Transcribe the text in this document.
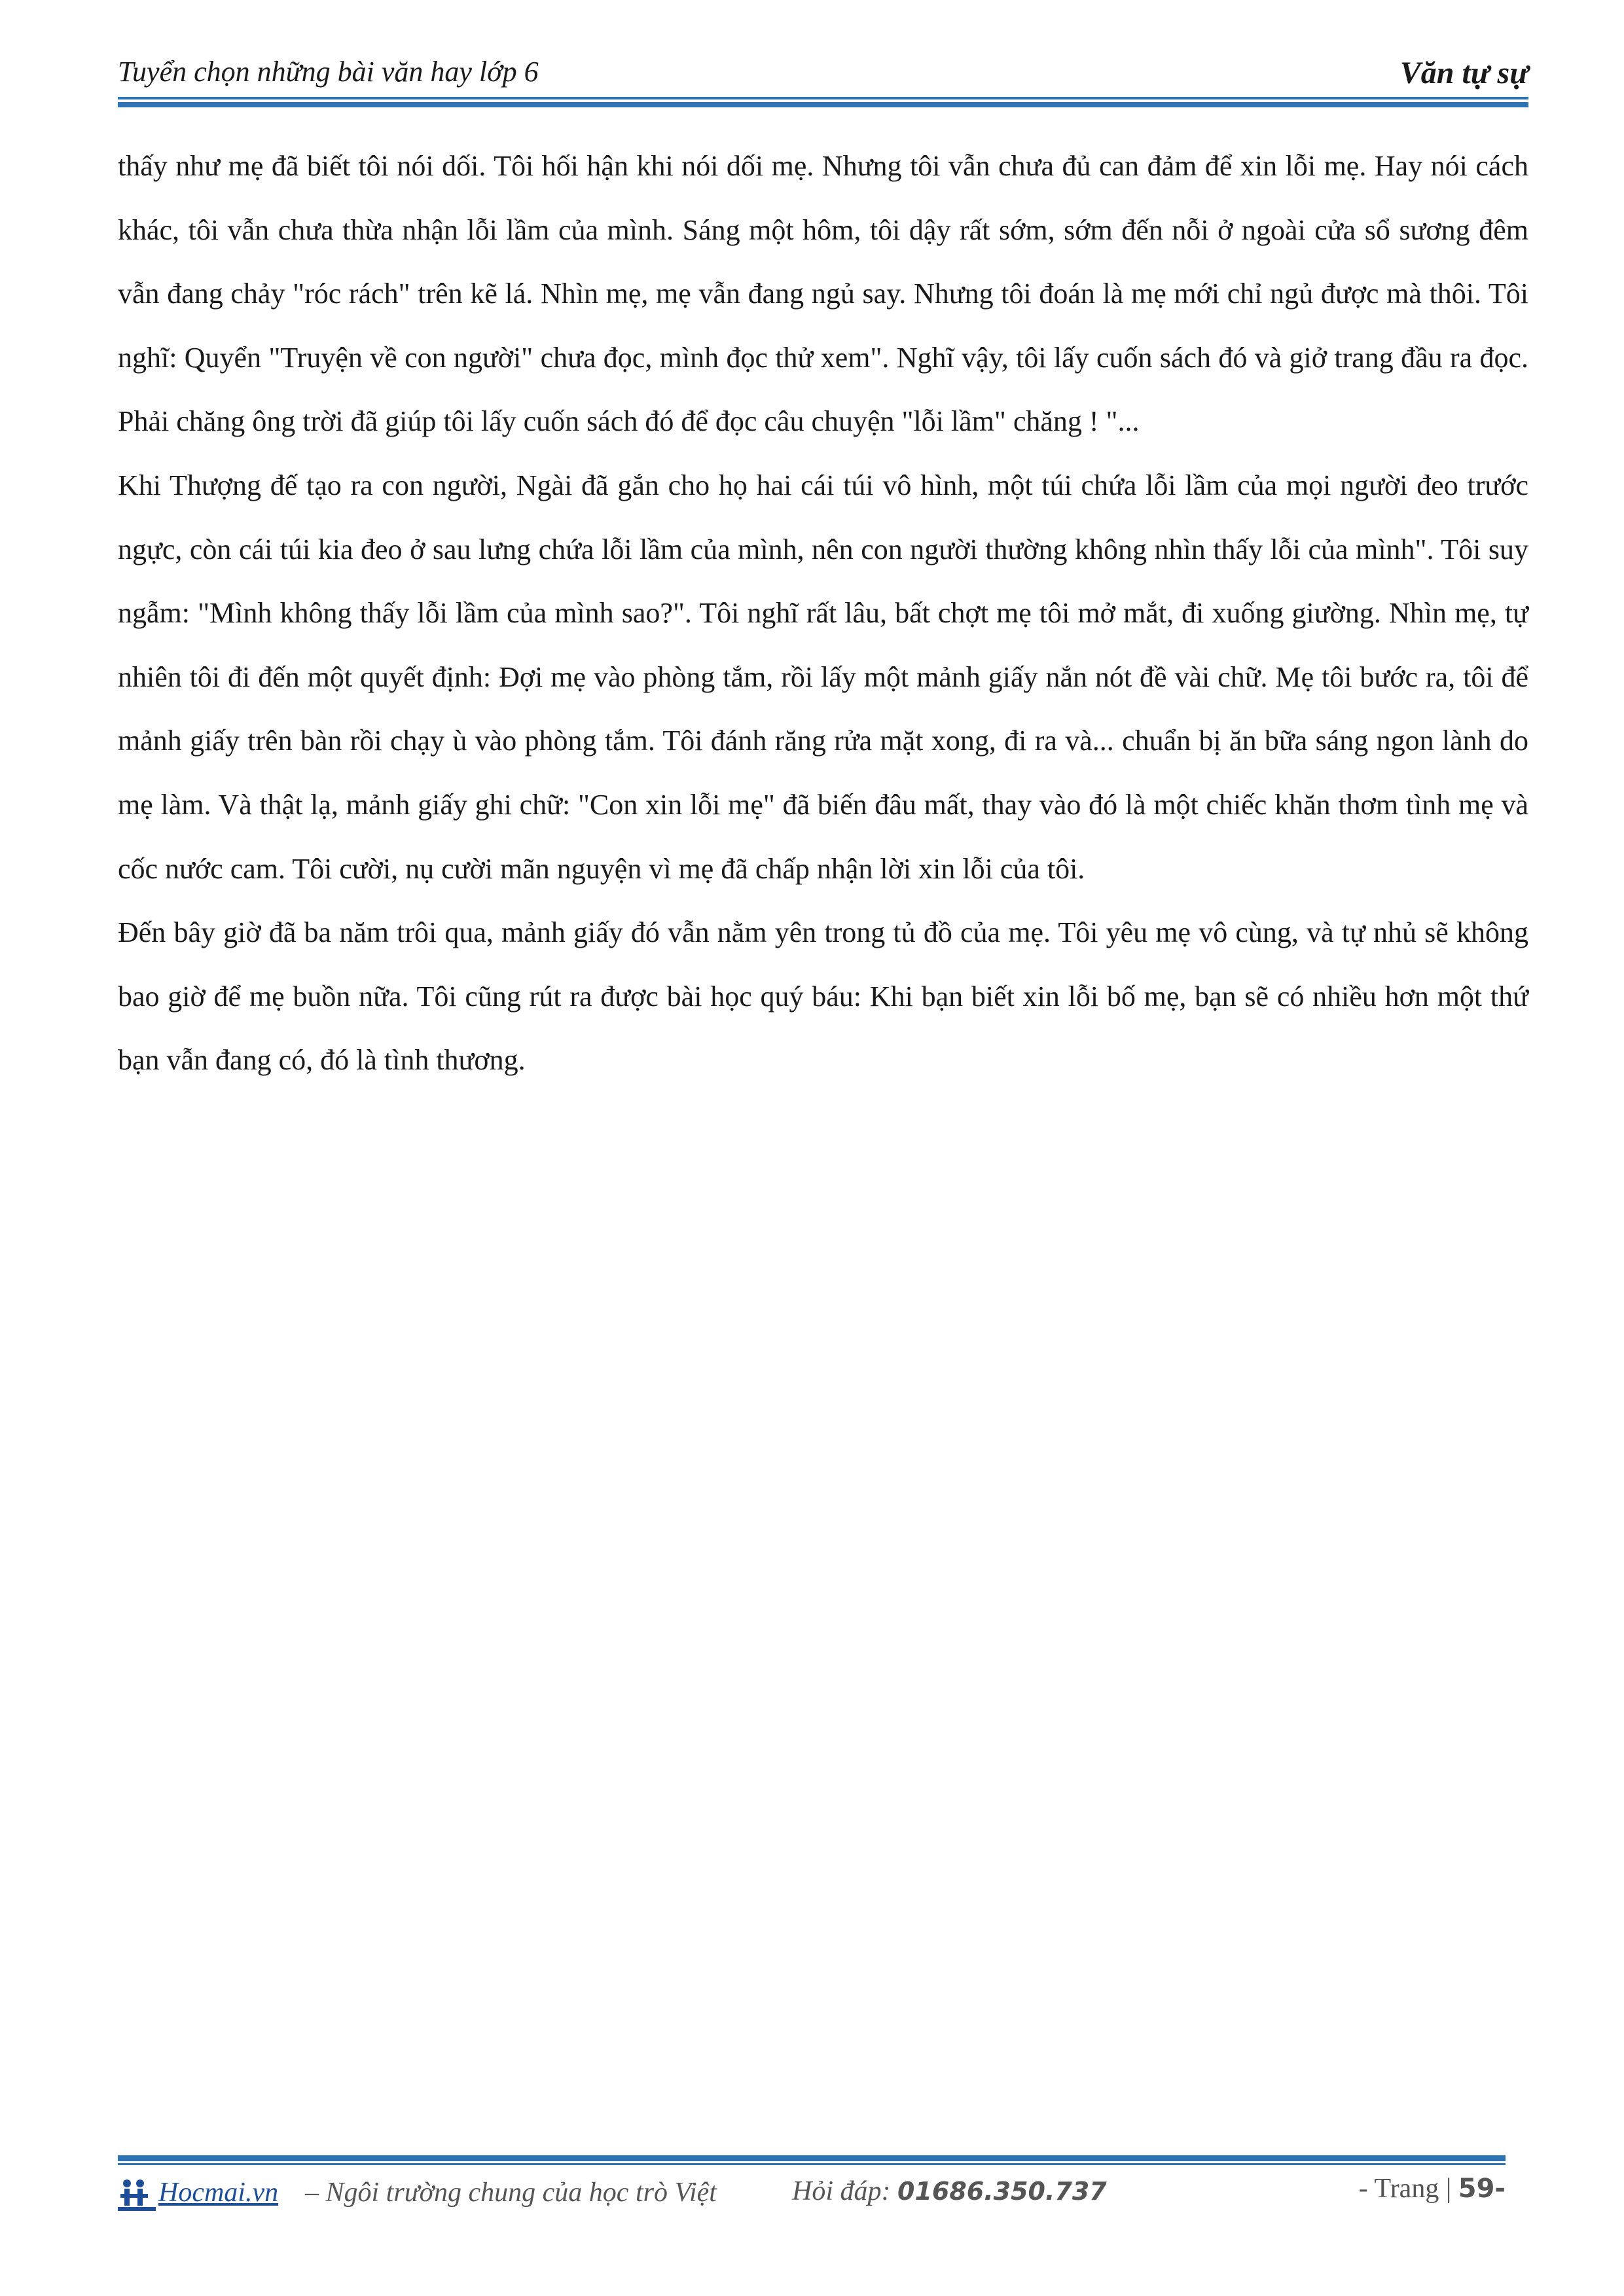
Tuyển chọn những bài văn hay lớp 6	Văn tự sự

thấy như mẹ đã biết tôi nói dối. Tôi hối hận khi nói dối mẹ. Nhưng tôi vẫn chưa đủ can đảm để xin lỗi mẹ. Hay nói cách khác, tôi vẫn chưa thừa nhận lỗi lầm của mình. Sáng một hôm, tôi dậy rất sớm, sớm đến nỗi ở ngoài cửa sổ sương đêm vẫn đang chảy "róc rách" trên kẽ lá. Nhìn mẹ, mẹ vẫn đang ngủ say. Nhưng tôi đoán là mẹ mới chỉ ngủ được mà thôi. Tôi nghĩ: Quyển "Truyện về con người" chưa đọc, mình đọc thử xem". Nghĩ vậy, tôi lấy cuốn sách đó và giở trang đầu ra đọc. Phải chăng ông trời đã giúp tôi lấy cuốn sách đó để đọc câu chuyện "lỗi lầm" chăng ! "...

Khi Thượng đế tạo ra con người, Ngài đã gắn cho họ hai cái túi vô hình, một túi chứa lỗi lầm của mọi người đeo trước ngực, còn cái túi kia đeo ở sau lưng chứa lỗi lầm của mình, nên con người thường không nhìn thấy lỗi của mình". Tôi suy ngẫm: "Mình không thấy lỗi lầm của mình sao?". Tôi nghĩ rất lâu, bất chợt mẹ tôi mở mắt, đi xuống giường. Nhìn mẹ, tự nhiên tôi đi đến một quyết định: Đợi mẹ vào phòng tắm, rồi lấy một mảnh giấy nắn nót đề vài chữ. Mẹ tôi bước ra, tôi để mảnh giấy trên bàn rồi chạy ù vào phòng tắm. Tôi đánh răng rửa mặt xong, đi ra và... chuẩn bị ăn bữa sáng ngon lành do mẹ làm. Và thật lạ, mảnh giấy ghi chữ: "Con xin lỗi mẹ" đã biến đâu mất, thay vào đó là một chiếc khăn thơm tình mẹ và cốc nước cam. Tôi cười, nụ cười mãn nguyện vì mẹ đã chấp nhận lời xin lỗi của tôi.

Đến bây giờ đã ba năm trôi qua, mảnh giấy đó vẫn nằm yên trong tủ đồ của mẹ. Tôi yêu mẹ vô cùng, và tự nhủ sẽ không bao giờ để mẹ buồn nữa. Tôi cũng rút ra được bài học quý báu: Khi bạn biết xin lỗi bố mẹ, bạn sẽ có nhiều hơn một thứ bạn vẫn đang có, đó là tình thương.

Hocmai.vn – Ngôi trường chung của học trò Việt	Hỏi đáp: 01686.350.737	- Trang | 59-
